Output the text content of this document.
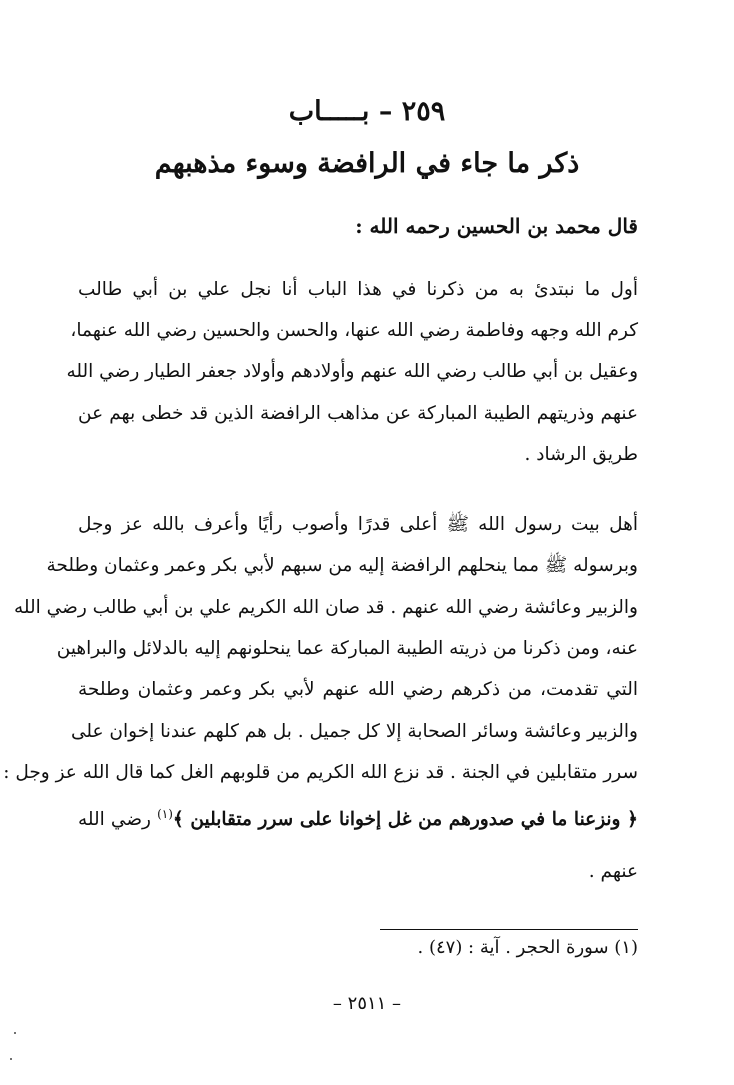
٢٥٩ – بـــــاب
ذكر ما جاء في الرافضة وسوء مذهبهم
قال محمد بن الحسين رحمه الله :
أول ما نبتدئ به من ذكرنا في هذا الباب أنا نجل علي بن أبي طالب
كرم الله وجهه وفاطمة رضي الله عنها، والحسن والحسين رضي الله عنهما،
وعقيل بن أبي طالب رضي الله عنهم وأولادهم وأولاد جعفر الطيار رضي الله
عنهم وذريتهم الطيبة المباركة عن مذاهب الرافضة الذين قد خطى بهم عن
طريق الرشاد .
أهل بيت رسول الله ﷺ أعلى قدرًا وأصوب رأيًا وأعرف بالله عز وجل
وبرسوله ﷺ مما ينحلهم الرافضة إليه من سبهم لأبي بكر وعمر وعثمان وطلحة
والزبير وعائشة رضي الله عنهم . قد صان الله الكريم علي بن أبي طالب رضي الله
عنه، ومن ذكرنا من ذريته الطيبة المباركة عما ينحلونهم إليه بالدلائل والبراهين
التي تقدمت، من ذكرهم رضي الله عنهم لأبي بكر وعمر وعثمان وطلحة
والزبير وعائشة وسائر الصحابة إلا كل جميل . بل هم كلهم عندنا إخوان على
سرر متقابلين في الجنة . قد نزع الله الكريم من قلوبهم الغل كما قال الله عز وجل :
﴿ ونزعنا ما في صدورهم من غل إخوانا على سرر متقابلين ﴾$^{(١)}$ رضي الله
عنهم .
(١) سورة الحجر . آية : (٤٧) .
– ٢٥١١ –
